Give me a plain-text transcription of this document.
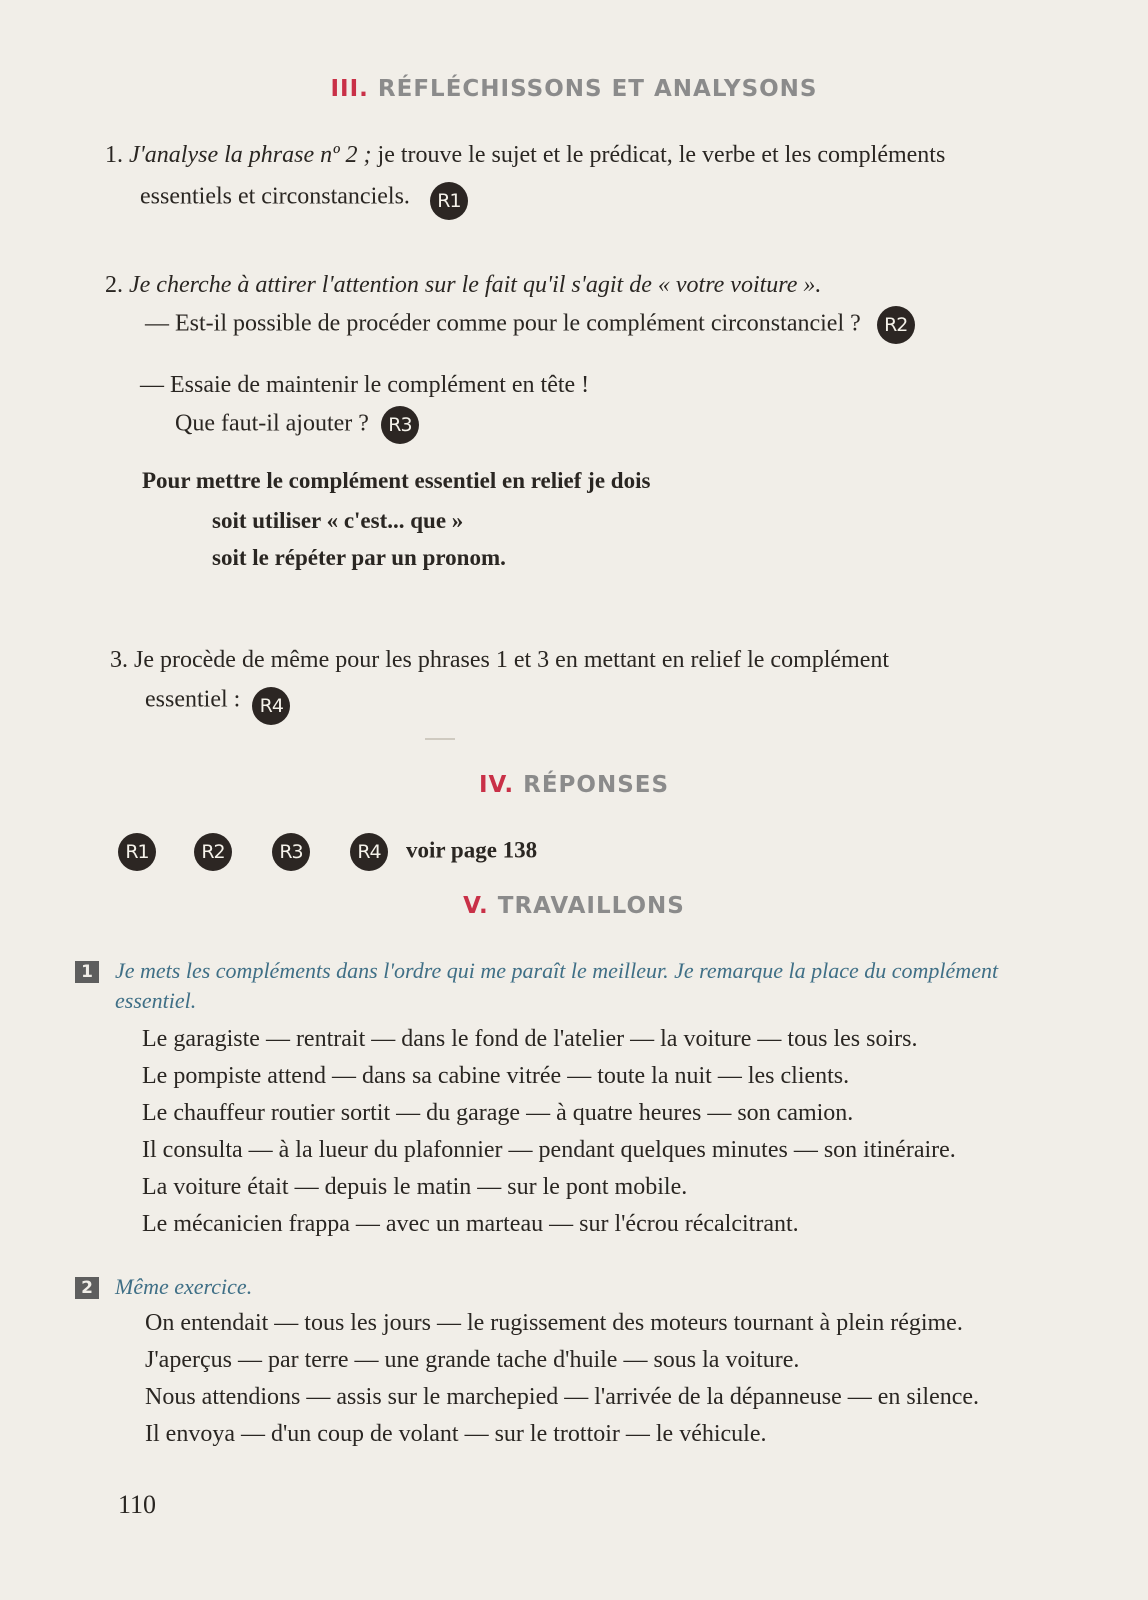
III. RÉFLÉCHISSONS ET ANALYSONS
1. J'analyse la phrase nº 2 ; je trouve le sujet et le prédicat, le verbe et les compléments
essentiels et circonstanciels. R1
2. Je cherche à attirer l'attention sur le fait qu'il s'agit de « votre voiture ».
— Est-il possible de procéder comme pour le complément circonstanciel ? R2
— Essaie de maintenir le complément en tête !
Que faut-il ajouter ? R3
Pour mettre le complément essentiel en relief je dois
soit utiliser « c'est... que »
soit le répéter par un pronom.
3. Je procède de même pour les phrases 1 et 3 en mettant en relief le complément
essentiel : R4
IV. RÉPONSES
R1	R2	R3	R4 voir page 138
V. TRAVAILLONS
1 Je mets les compléments dans l'ordre qui me paraît le meilleur. Je remarque la place du complément
essentiel.
Le garagiste — rentrait — dans le fond de l'atelier — la voiture — tous les soirs.
Le pompiste attend — dans sa cabine vitrée — toute la nuit — les clients.
Le chauffeur routier sortit — du garage — à quatre heures — son camion.
Il consulta — à la lueur du plafonnier — pendant quelques minutes — son itinéraire.
La voiture était — depuis le matin — sur le pont mobile.
Le mécanicien frappa — avec un marteau — sur l'écrou récalcitrant.
2 Même exercice.
On entendait — tous les jours — le rugissement des moteurs tournant à plein régime.
J'aperçus — par terre — une grande tache d'huile — sous la voiture.
Nous attendions — assis sur le marchepied — l'arrivée de la dépanneuse — en silence.
Il envoya — d'un coup de volant — sur le trottoir — le véhicule.
110
